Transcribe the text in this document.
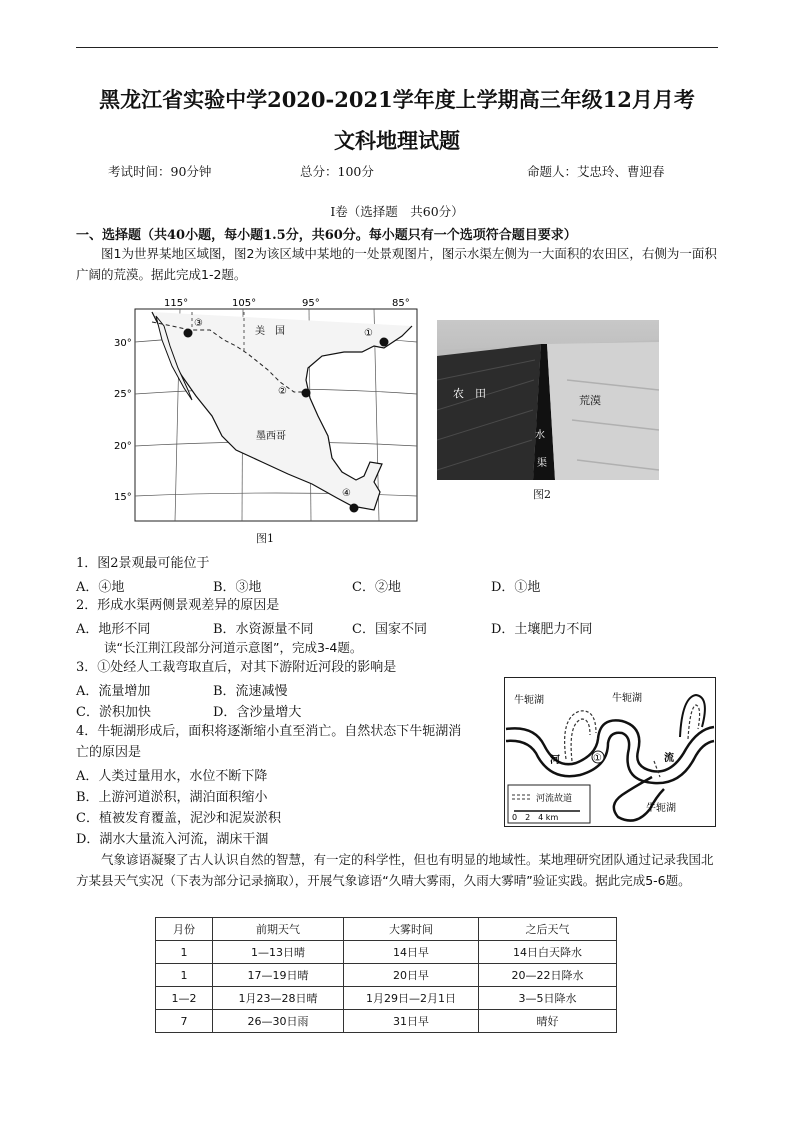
黑龙江省实验中学2020-2021学年度上学期高三年级12月月考
文科地理试题
考试时间：90分钟	总分：100分	命题人：艾忠玲、曹迎春
I卷（选择题　共60分）
一、选择题（共40小题，每小题1.5分，共60分。每小题只有一个选项符合题目要求）
图1为世界某地区域图，图2为该区域中某地的一处景观图片，图示水渠左侧为一大面积的农田区，右侧为一面积广阔的荒漠。据此完成1-2题。
③
①
②
④
美　国
墨西哥
115°	105°	95°	85°
30°
25°
20°
15°
图1
农　田
荒漠
水
渠
图2
1．图2景观最可能位于
A．④地	B．③地	C．②地	D．①地
2．形成水渠两侧景观差异的原因是
A．地形不同	B．水资源量不同	C．国家不同	D．土壤肥力不同
读“长江荆江段部分河道示意图”，完成3-4题。
3．①处经人工裁弯取直后，对其下游附近河段的影响是
A．流量增加	B．流速减慢
C．淤积加快	D．含沙量增大
4．牛轭湖形成后，面积将逐渐缩小直至消亡。自然状态下牛轭湖消
亡的原因是
A．人类过量用水，水位不断下降
B．上游河道淤积，湖泊面积缩小
C．植被发育覆盖，泥沙和泥炭淤积
D．湖水大量流入河流，湖床干涸
①
牛轭湖	牛轭湖
牛轭湖
河	流
河流故道
0　2　4 km
气象谚语凝聚了古人认识自然的智慧，有一定的科学性，但也有明显的地域性。某地理研究团队通过记录我国北方某县天气实况（下表为部分记录摘取），开展气象谚语“久晴大雾雨，久雨大雾晴”验证实践。据此完成5-6题。
月份	前期天气	大雾时间	之后天气
1	1—13日晴	14日早	14日白天降水
1	17—19日晴	20日早	20—22日降水
1—2	1月23—28日晴	1月29日—2月1日	3—5日降水
7	26—30日雨	31日早	晴好
